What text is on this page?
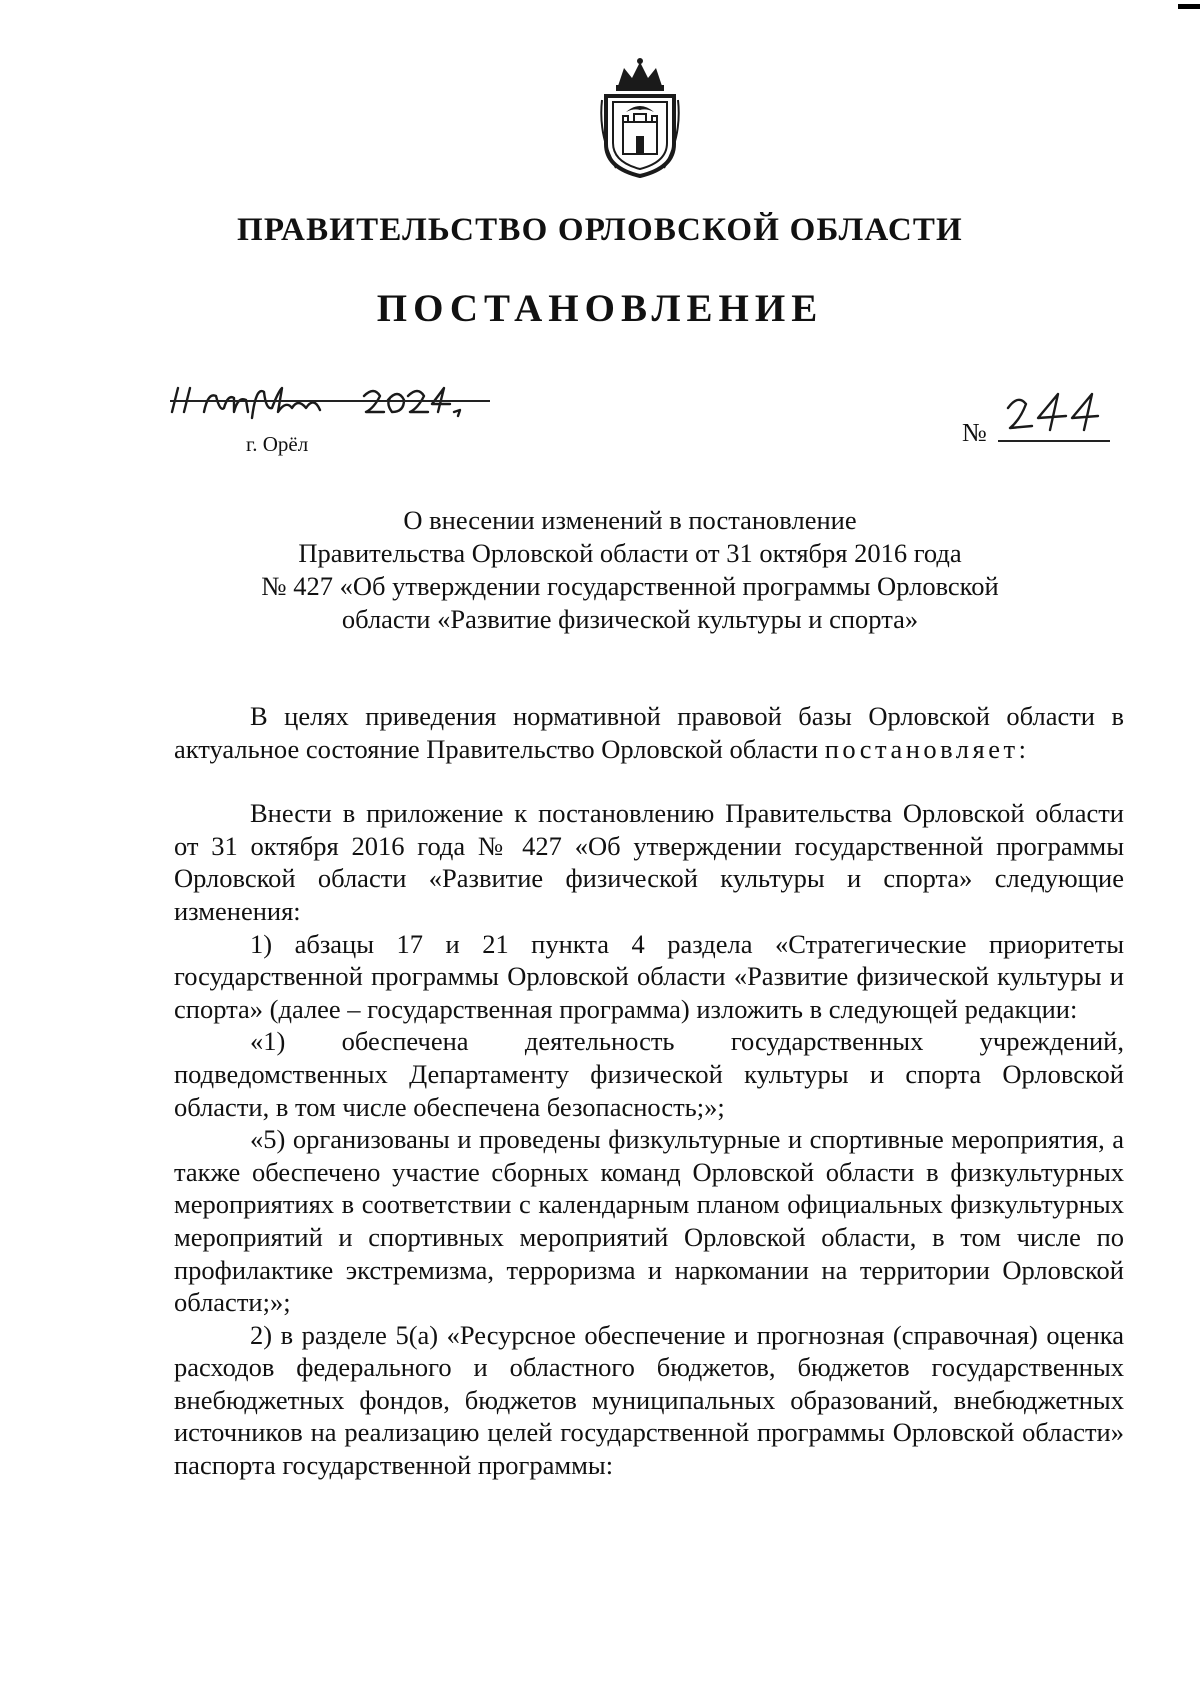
ПРАВИТЕЛЬСТВО ОРЛОВСКОЙ ОБЛАСТИ
ПОСТАНОВЛЕНИЕ
г. Орёл	№
О внесении изменений в постановление
Правительства Орловской области от 31 октября 2016 года
№ 427 «Об утверждении государственной программы Орловской
области «Развитие физической культуры и спорта»

В целях приведения нормативной правовой базы Орловской области в актуальное состояние Правительство Орловской области постановляет:

Внести в приложение к постановлению Правительства Орловской области от 31 октября 2016 года № 427 «Об утверждении государственной программы Орловской области «Развитие физической культуры и спорта» следующие изменения:

1) абзацы 17 и 21 пункта 4 раздела «Стратегические приоритеты государственной программы Орловской области «Развитие физической культуры и спорта» (далее – государственная программа) изложить в следующей редакции:

«1) обеспечена деятельность государственных учреждений, подведомственных Департаменту физической культуры и спорта Орловской области, в том числе обеспечена безопасность;»;

«5) организованы и проведены физкультурные и спортивные мероприятия, а также обеспечено участие сборных команд Орловской области в физкультурных мероприятиях в соответствии с календарным планом официальных физкультурных мероприятий и спортивных мероприятий Орловской области, в том числе по профилактике экстремизма, терроризма и наркомании на территории Орловской области;»;

2) в разделе 5(а) «Ресурсное обеспечение и прогнозная (справочная) оценка расходов федерального и областного бюджетов, бюджетов государственных внебюджетных фондов, бюджетов муниципальных образований, внебюджетных источников на реализацию целей государственной программы Орловской области» паспорта государственной программы:
